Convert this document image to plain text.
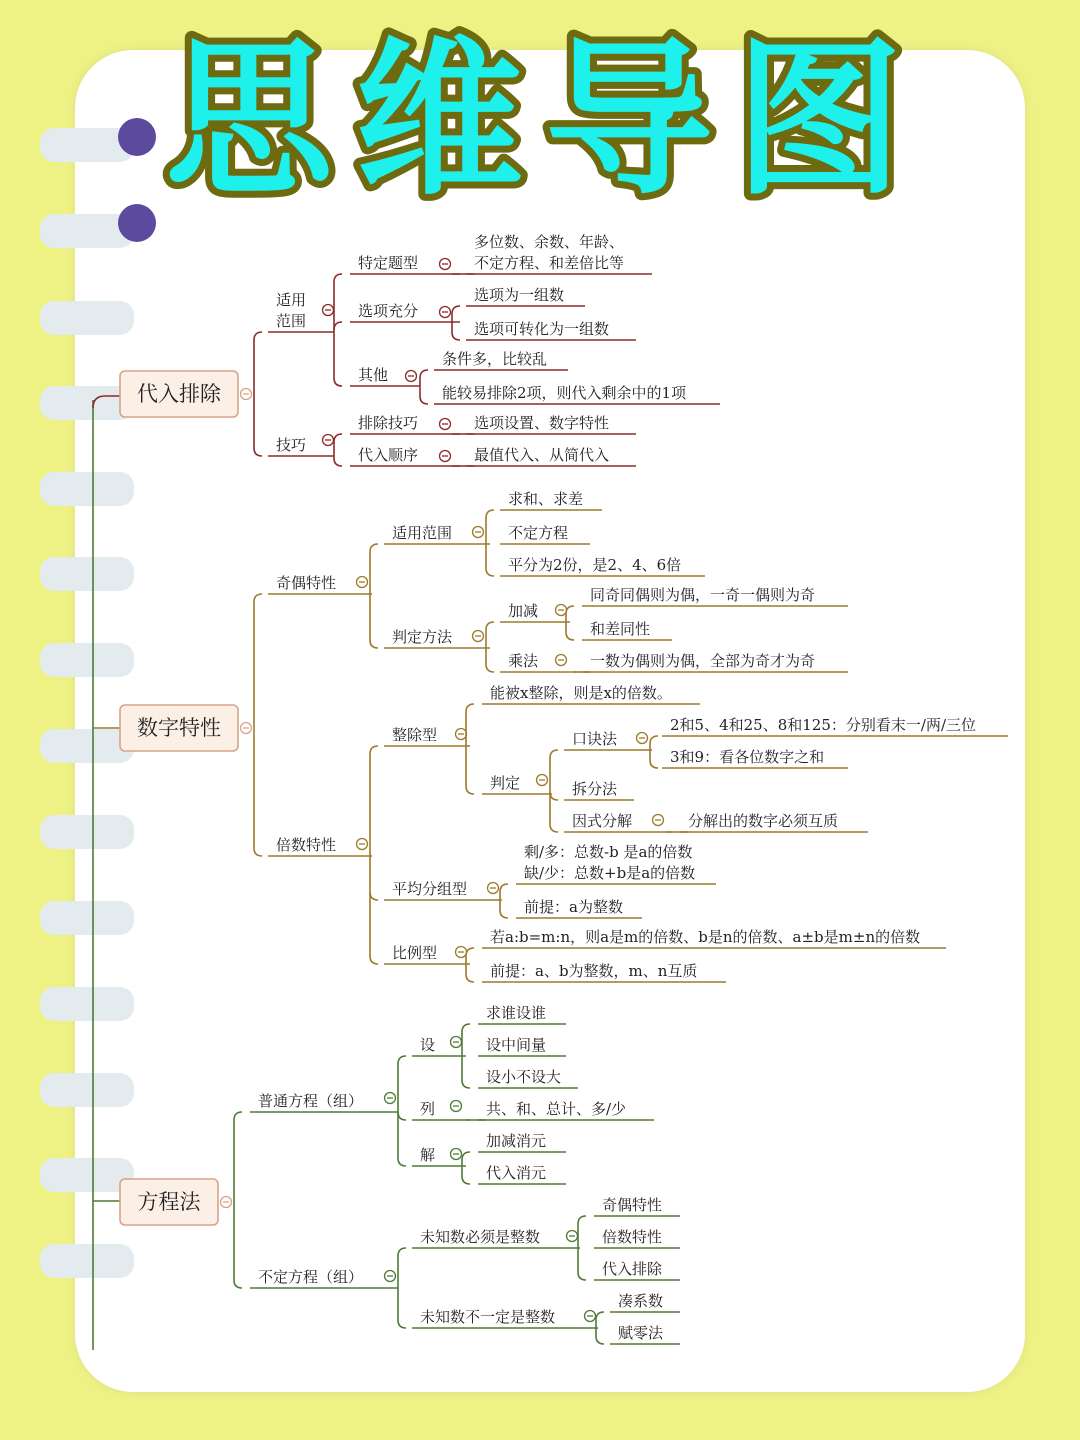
思维导图
代入排除
适用范围
技巧
特定题型
多位数、余数、年龄、不定方程、和差倍比等
选项充分
选项为一组数
选项可转化为一组数
其他
条件多，比较乱
能较易排除2项，则代入剩余中的1项
排除技巧	选项设置、数字特性
代入顺序	最值代入、从简代入
数字特性
奇偶特性
适用范围
求和、求差
不定方程
平分为2份，是2、4、6倍
判定方法
加减
同奇同偶则为偶，一奇一偶则为奇
和差同性
乘法	一数为偶则为偶，全部为奇才为奇
倍数特性
整除型
能被x整除，则是x的倍数。
判定
口诀法
2和5、4和25、8和125：分别看末一/两/三位
3和9：看各位数字之和
拆分法
因式分解	分解出的数字必须互质
平均分组型
剩/多：总数-b 是a的倍数缺/少：总数+b是a的倍数
前提：a为整数
比例型
若a:b=m:n，则a是m的倍数、b是n的倍数、a±b是m±n的倍数
前提：a、b为整数，m、n互质
方程法
普通方程（组）
设
求谁设谁
设中间量
设小不设大
列	共、和、总计、多/少
解
加减消元
代入消元
不定方程（组）
未知数必须是整数
奇偶特性
倍数特性
代入排除
未知数不一定是整数
凑系数
赋零法
